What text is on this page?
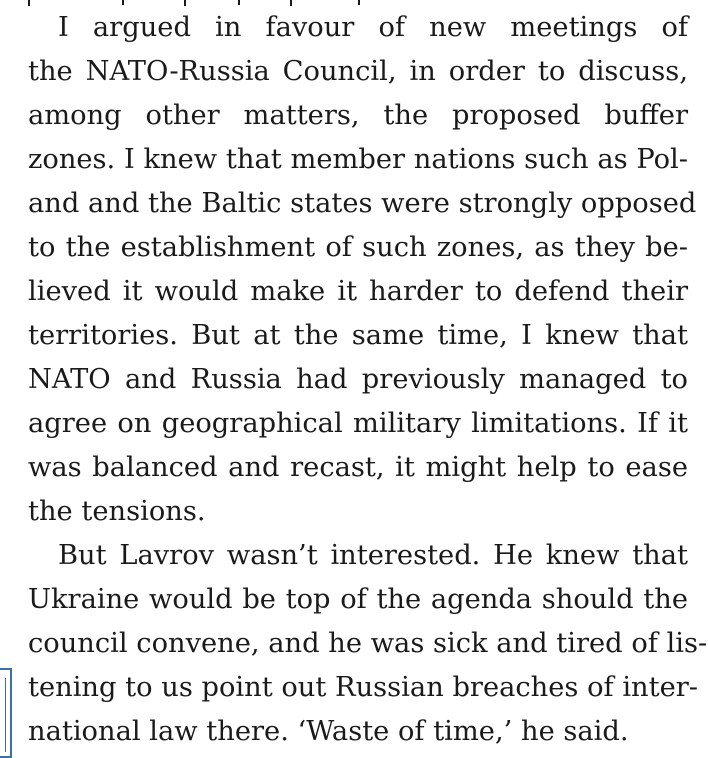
I argued in favour of new meetings of
the NATO-Russia Council, in order to discuss,
among other matters, the proposed buffer
zones. I knew that member nations such as Pol-
and and the Baltic states were strongly opposed
to the establishment of such zones, as they be-
lieved it would make it harder to defend their
territories. But at the same time, I knew that
NATO and Russia had previously managed to
agree on geographical military limitations. If it
was balanced and recast, it might help to ease
the tensions.
But Lavrov wasn’t interested. He knew that
Ukraine would be top of the agenda should the
council convene, and he was sick and tired of lis-
tening to us point out Russian breaches of inter-
national law there. ‘Waste of time,’ he said.
